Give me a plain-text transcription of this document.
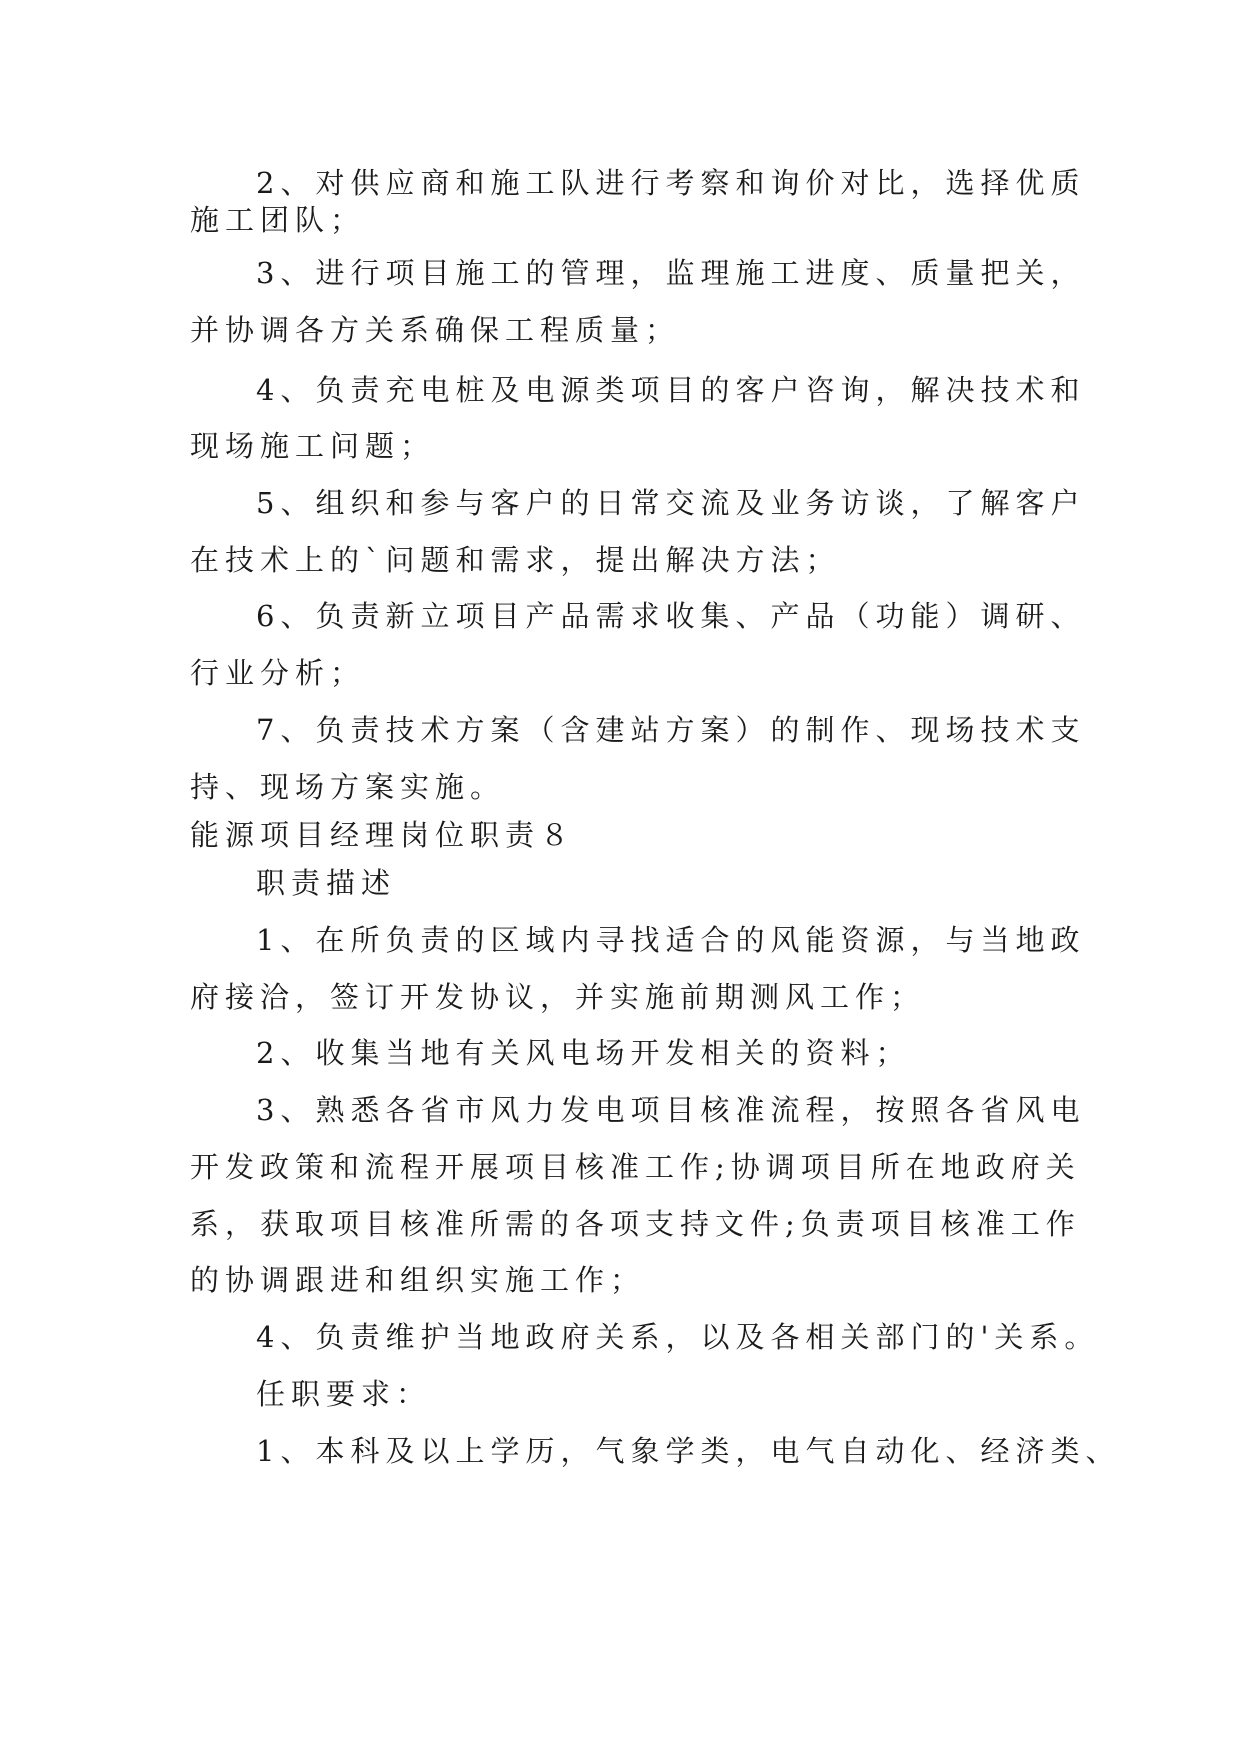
2、对供应商和施工队进行考察和询价对比，选择优质
施工团队；
3、进行项目施工的管理，监理施工进度、质量把关，
并协调各方关系确保工程质量；
4、负责充电桩及电源类项目的客户咨询，解决技术和
现场施工问题；
5、组织和参与客户的日常交流及业务访谈，了解客户
在技术上的`问题和需求，提出解决方法；
6、负责新立项目产品需求收集、产品（功能）调研、
行业分析；
7、负责技术方案（含建站方案）的制作、现场技术支
持、现场方案实施。
能源项目经理岗位职责８
职责描述
1、在所负责的区域内寻找适合的风能资源，与当地政
府接洽，签订开发协议，并实施前期测风工作；
2、收集当地有关风电场开发相关的资料；
3、熟悉各省市风力发电项目核准流程，按照各省风电
开发政策和流程开展项目核准工作;协调项目所在地政府关
系，获取项目核准所需的各项支持文件;负责项目核准工作
的协调跟进和组织实施工作；
4、负责维护当地政府关系，以及各相关部门的'关系。
任职要求：
1、本科及以上学历，气象学类，电气自动化、经济类、
